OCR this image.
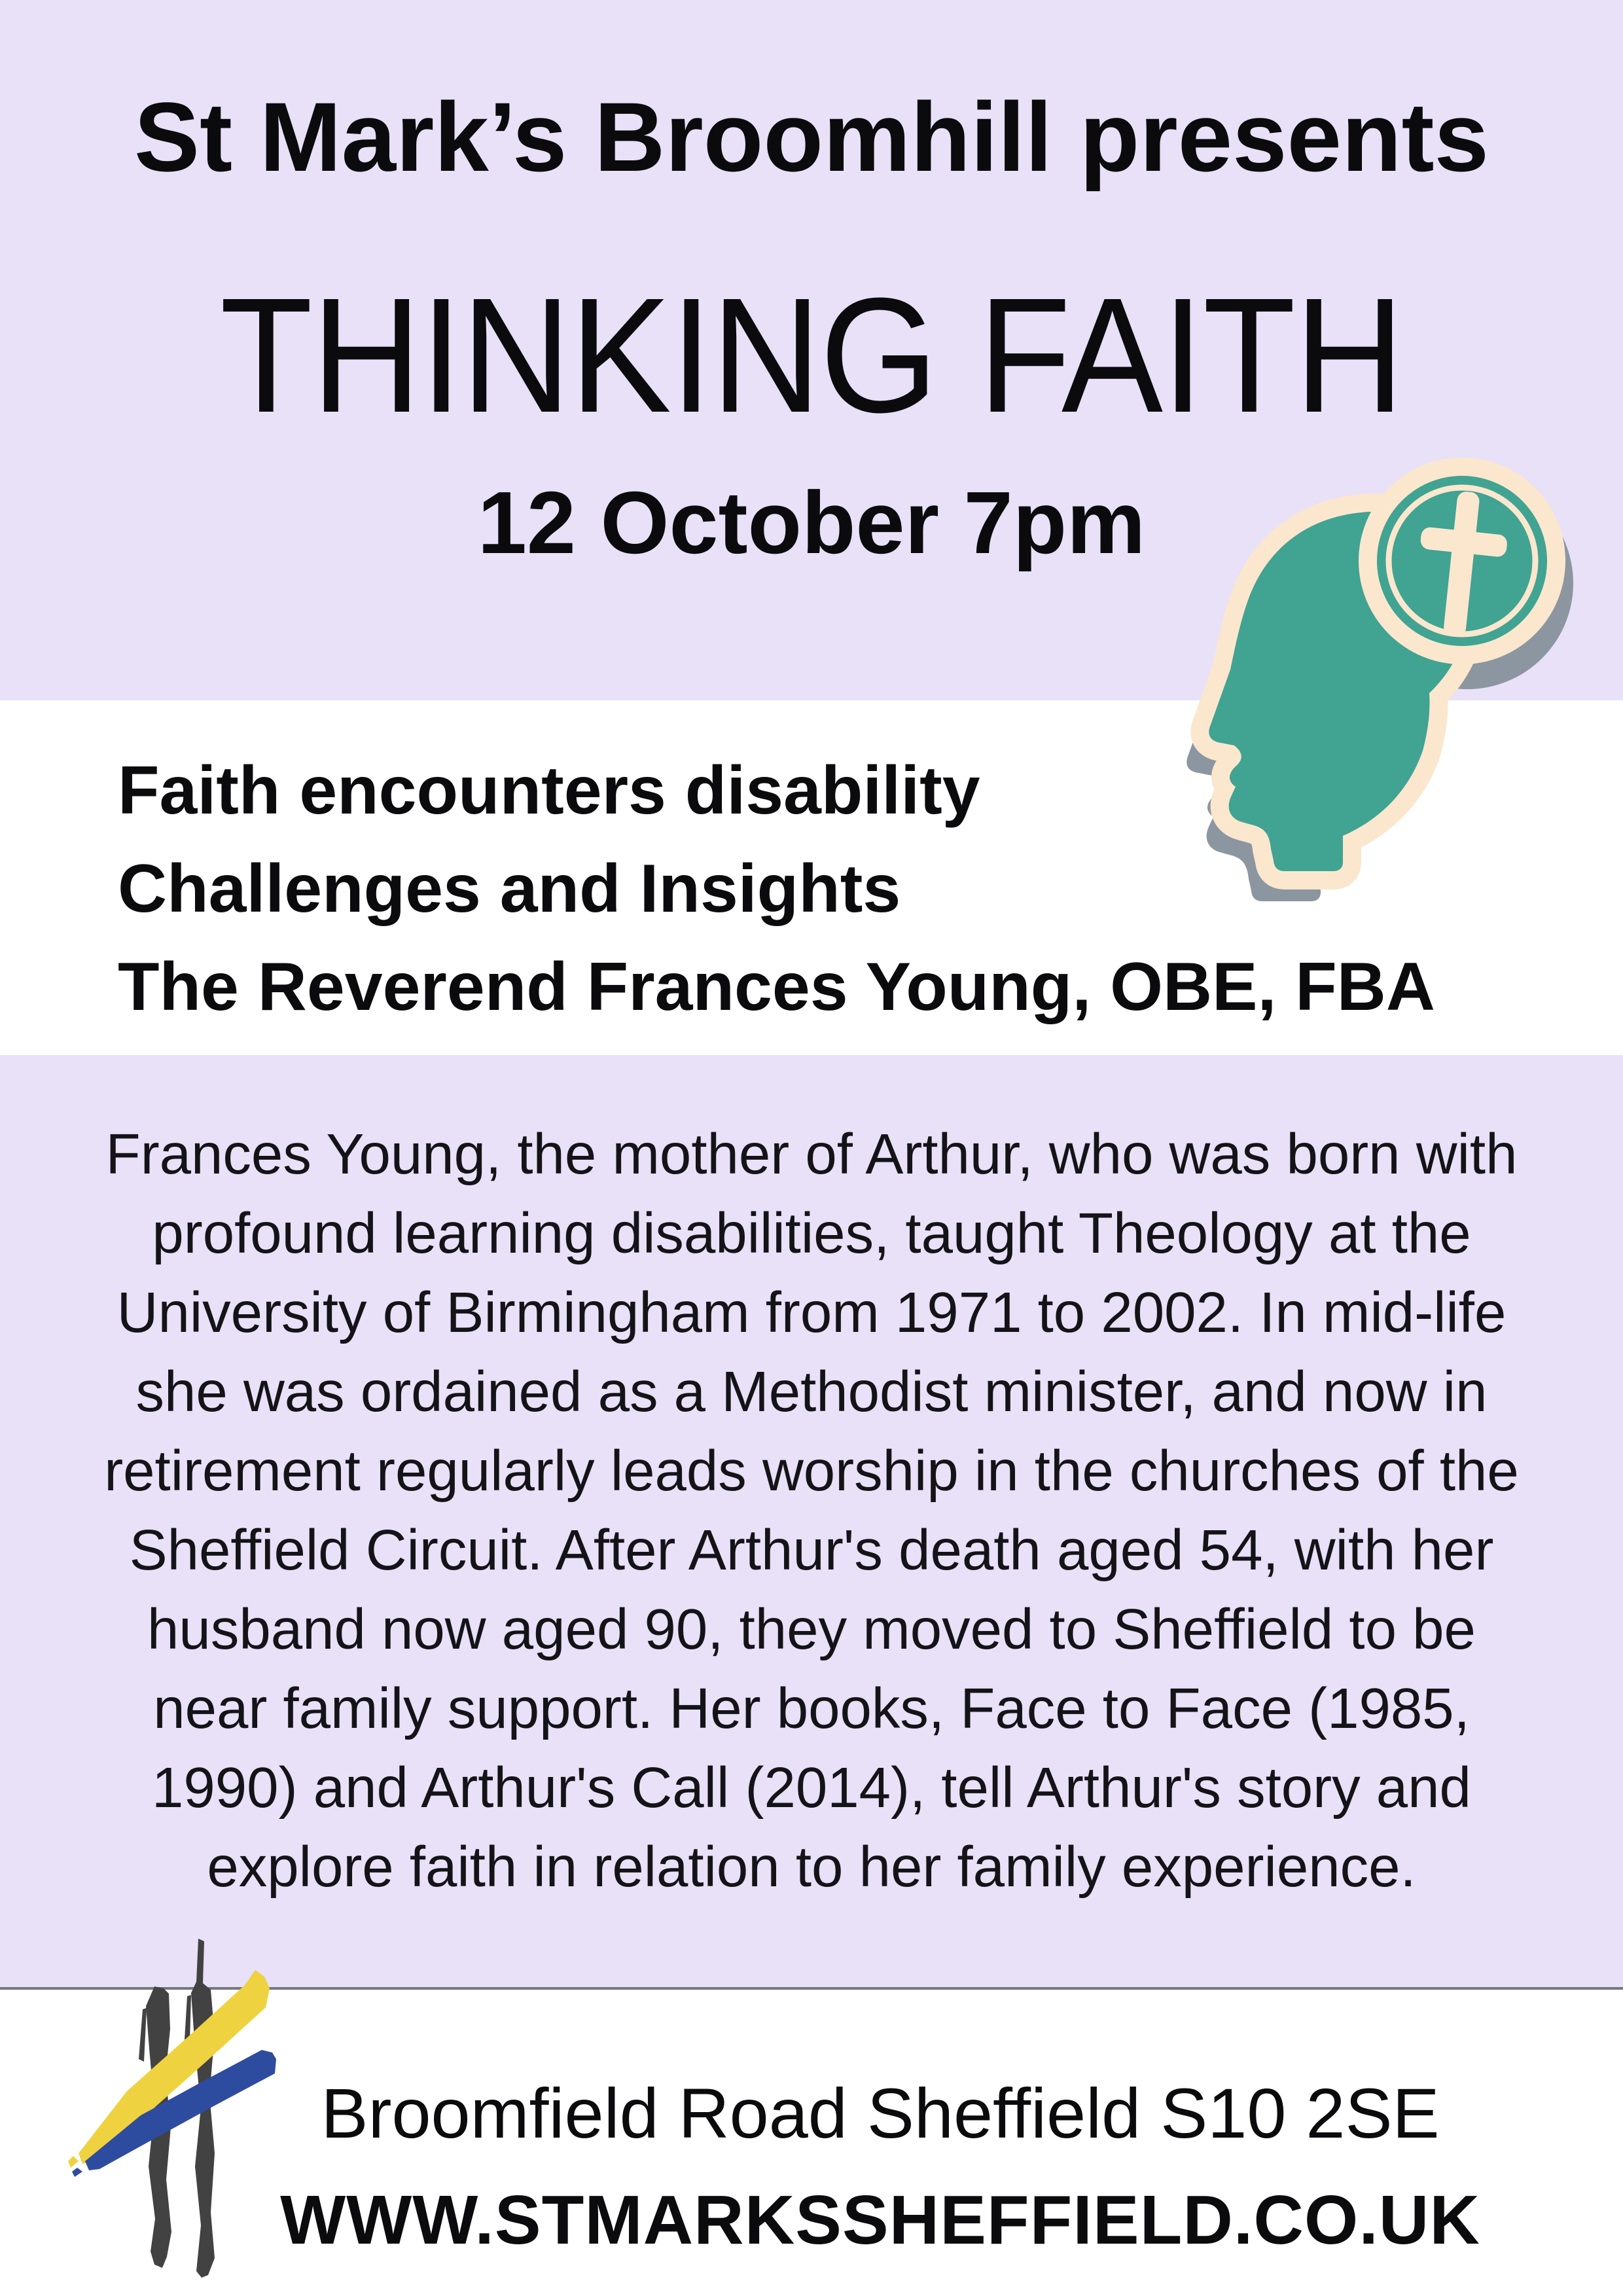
St Mark’s Broomhill presents
THINKING FAITH
12 October 7pm
Faith encounters disability
Challenges and Insights
The Reverend Frances Young, OBE, FBA
Frances Young, the mother of Arthur, who was born with
profound learning disabilities, taught Theology at the
University of Birmingham from 1971 to 2002. In mid-life
she was ordained as a Methodist minister, and now in
retirement regularly leads worship in the churches of the
Sheffield Circuit. After Arthur's death aged 54, with her
husband now aged 90, they moved to Sheffield to be
near family support. Her books, Face to Face (1985,
1990) and Arthur's Call (2014), tell Arthur's story and
explore faith in relation to her family experience.
Broomfield Road Sheffield S10 2SE
WWW.STMARKSSHEFFIELD.CO.UK
